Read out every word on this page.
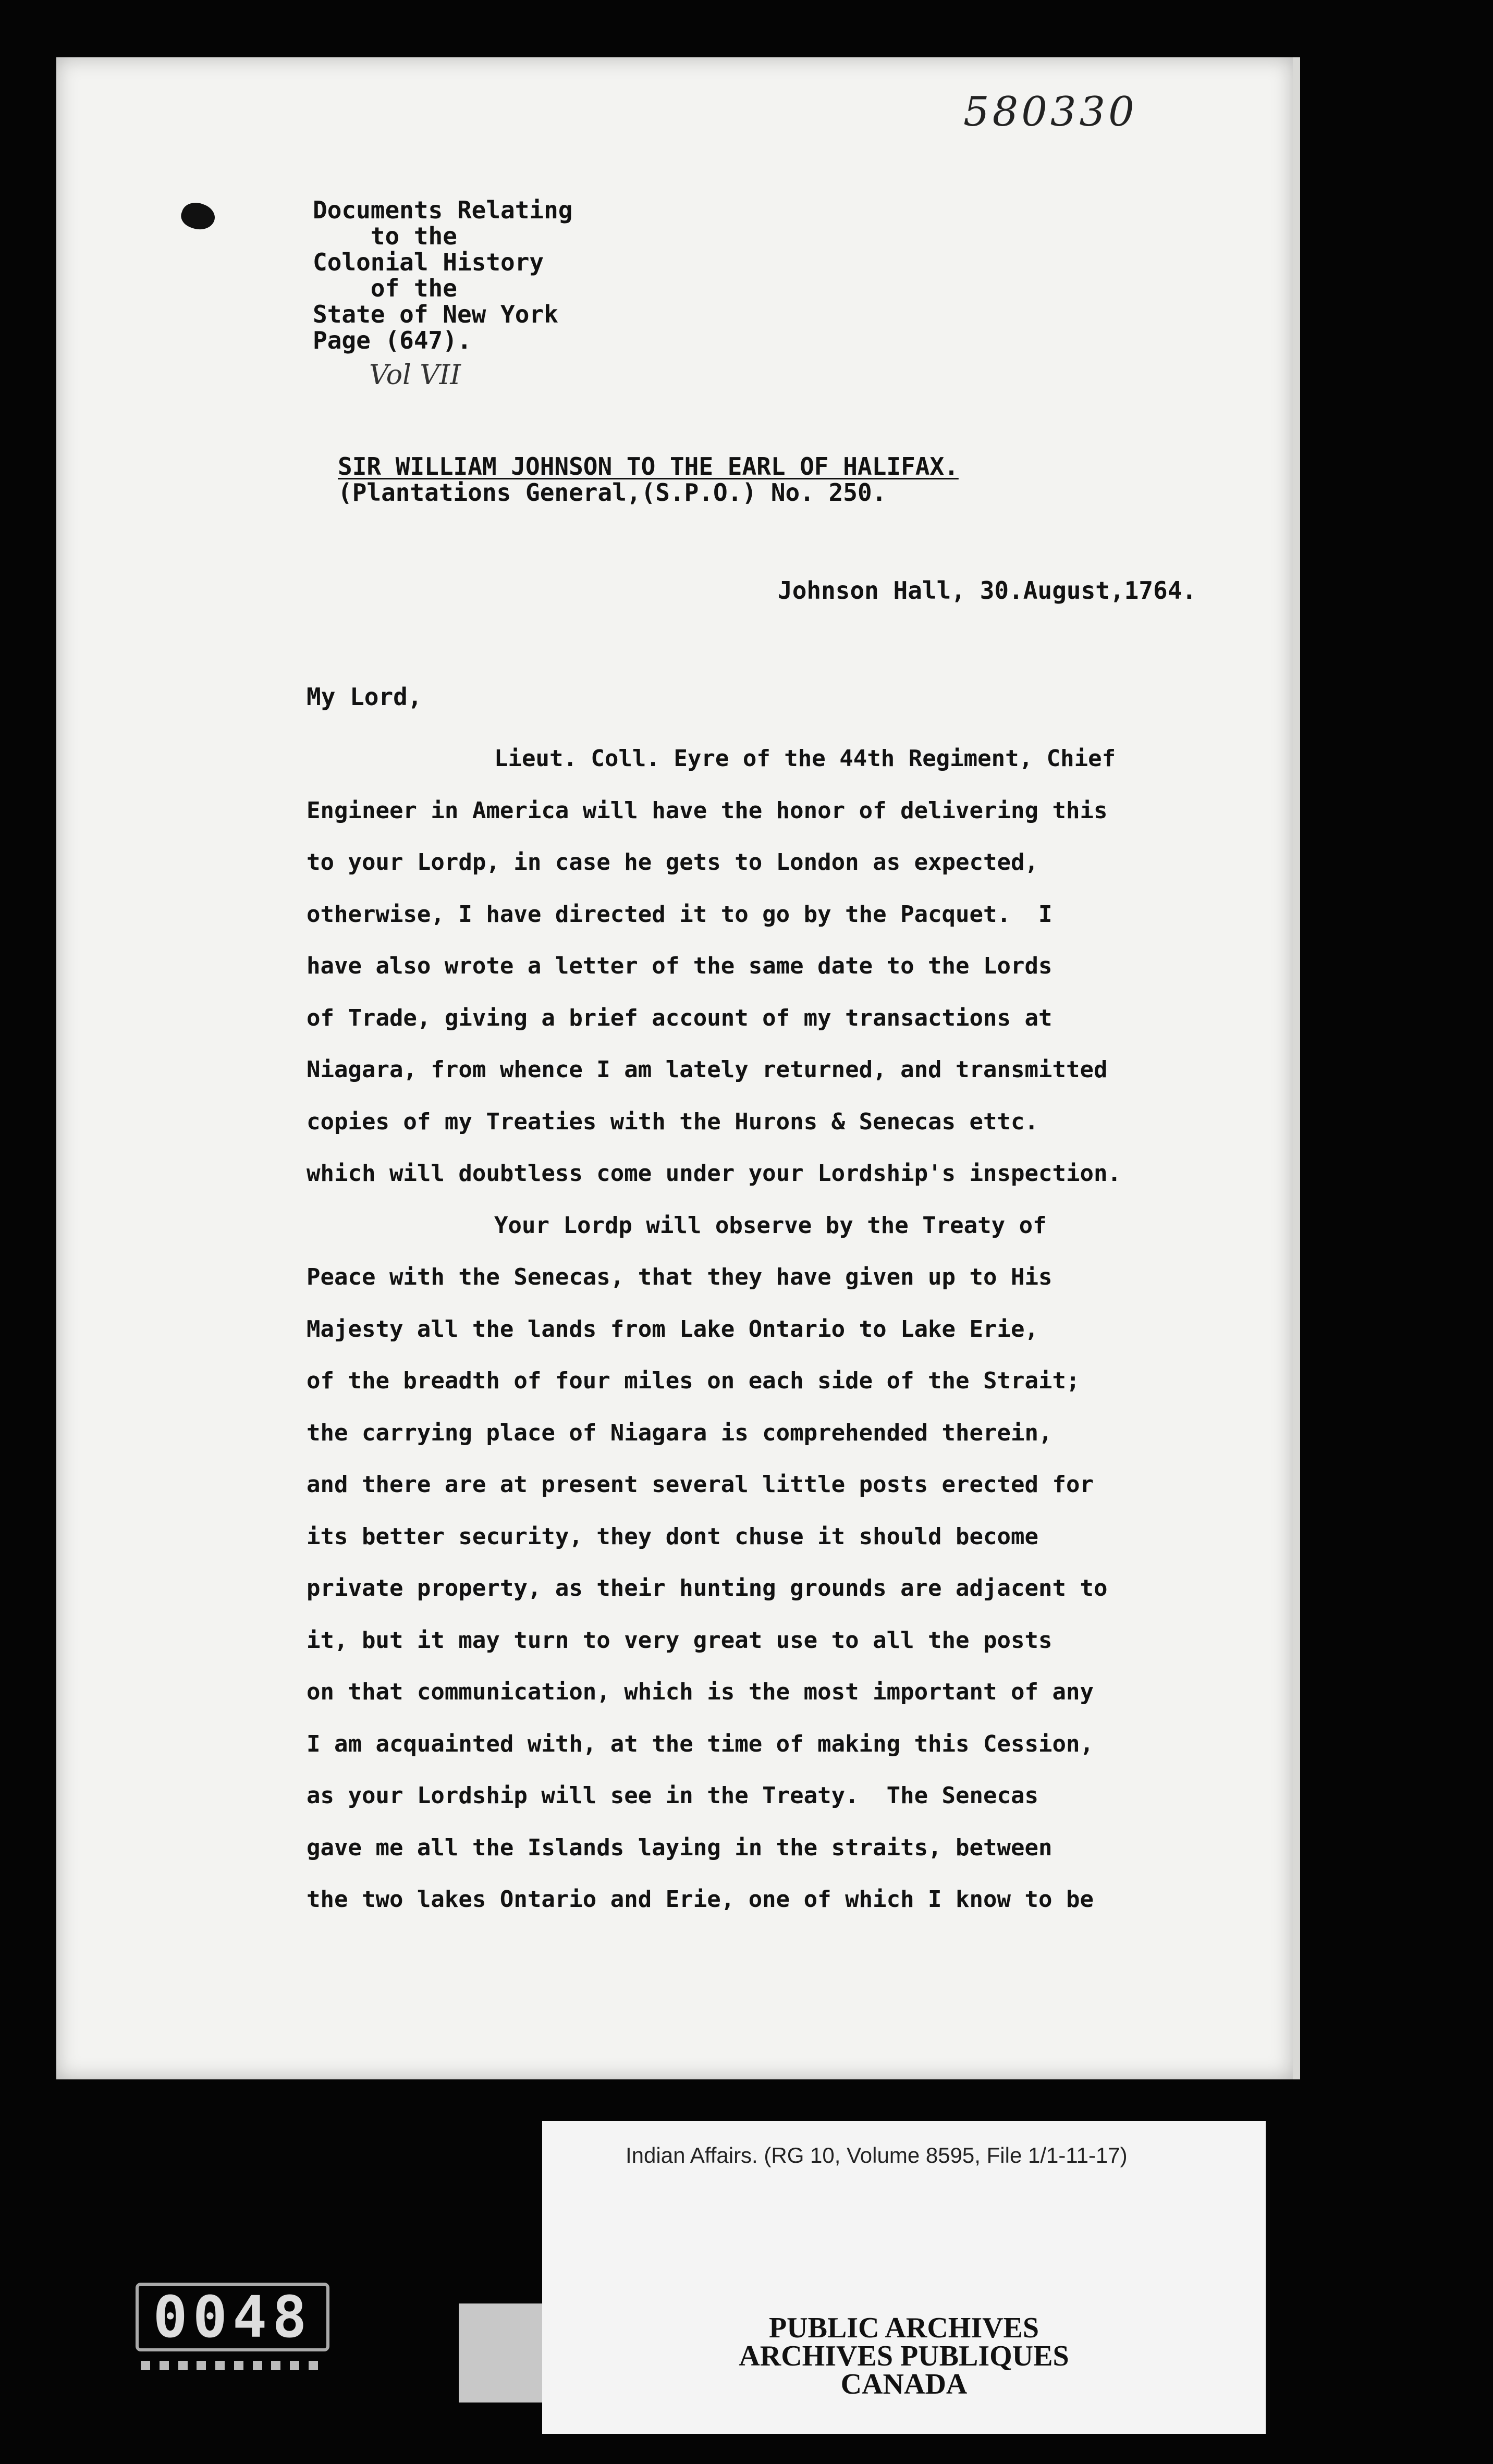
580330
Documents Relating
to the
Colonial History
of the
State of New York
Page (647).
Vol VII
SIR WILLIAM JOHNSON TO THE EARL OF HALIFAX.
(Plantations General,(S.P.O.) No. 250.
Johnson Hall, 30.August,1764.
My Lord,
Lieut. Coll. Eyre of the 44th Regiment, Chief
Engineer in America will have the honor of delivering this
to your Lordp, in case he gets to London as expected,
otherwise, I have directed it to go by the Pacquet.  I
have also wrote a letter of the same date to the Lords
of Trade, giving a brief account of my transactions at
Niagara, from whence I am lately returned, and transmitted
copies of my Treaties with the Hurons & Senecas ettc.
which will doubtless come under your Lordship's inspection.
Your Lordp will observe by the Treaty of
Peace with the Senecas, that they have given up to His
Majesty all the lands from Lake Ontario to Lake Erie,
of the breadth of four miles on each side of the Strait;
the carrying place of Niagara is comprehended therein,
and there are at present several little posts erected for
its better security, they dont chuse it should become
private property, as their hunting grounds are adjacent to
it, but it may turn to very great use to all the posts
on that communication, which is the most important of any
I am acquainted with, at the time of making this Cession,
as your Lordship will see in the Treaty.  The Senecas
gave me all the Islands laying in the straits, between
the two lakes Ontario and Erie, one of which I know to be
0048
Indian Affairs. (RG 10, Volume 8595, File 1/1-11-17)
PUBLIC ARCHIVES
ARCHIVES PUBLIQUES
CANADA
